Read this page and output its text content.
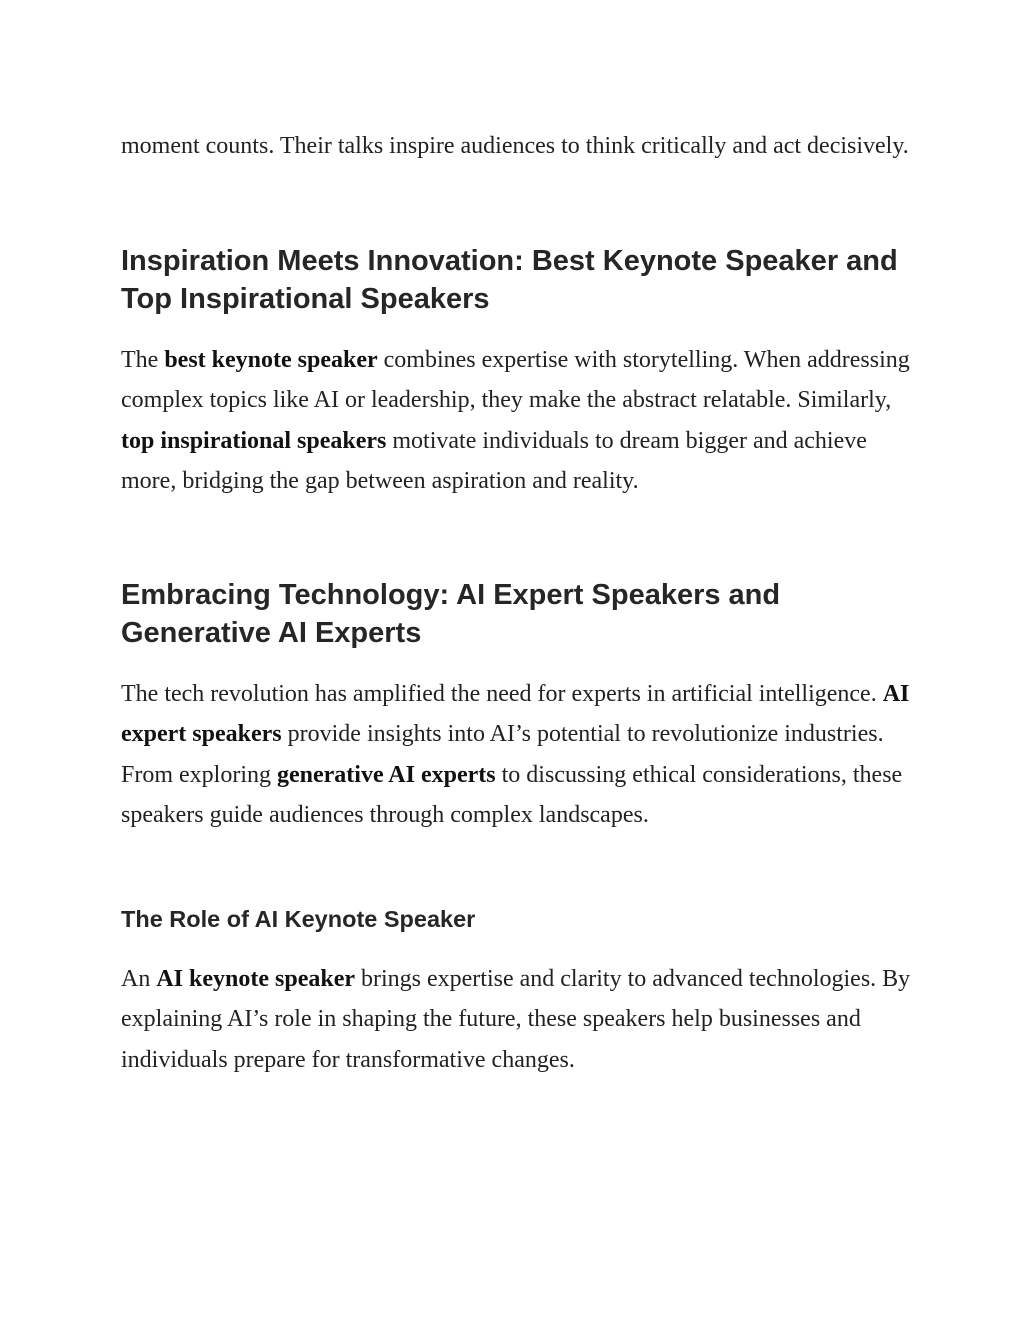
moment counts. Their talks inspire audiences to think critically and act decisively.

Inspiration Meets Innovation: Best Keynote Speaker and Top Inspirational Speakers

The best keynote speaker combines expertise with storytelling. When addressing complex topics like AI or leadership, they make the abstract relatable. Similarly, top inspirational speakers motivate individuals to dream bigger and achieve more, bridging the gap between aspiration and reality.

Embracing Technology: AI Expert Speakers and Generative AI Experts

The tech revolution has amplified the need for experts in artificial intelligence. AI expert speakers provide insights into AI’s potential to revolutionize industries. From exploring generative AI experts to discussing ethical considerations, these speakers guide audiences through complex landscapes.

The Role of AI Keynote Speaker

An AI keynote speaker brings expertise and clarity to advanced technologies. By explaining AI’s role in shaping the future, these speakers help businesses and individuals prepare for transformative changes.
